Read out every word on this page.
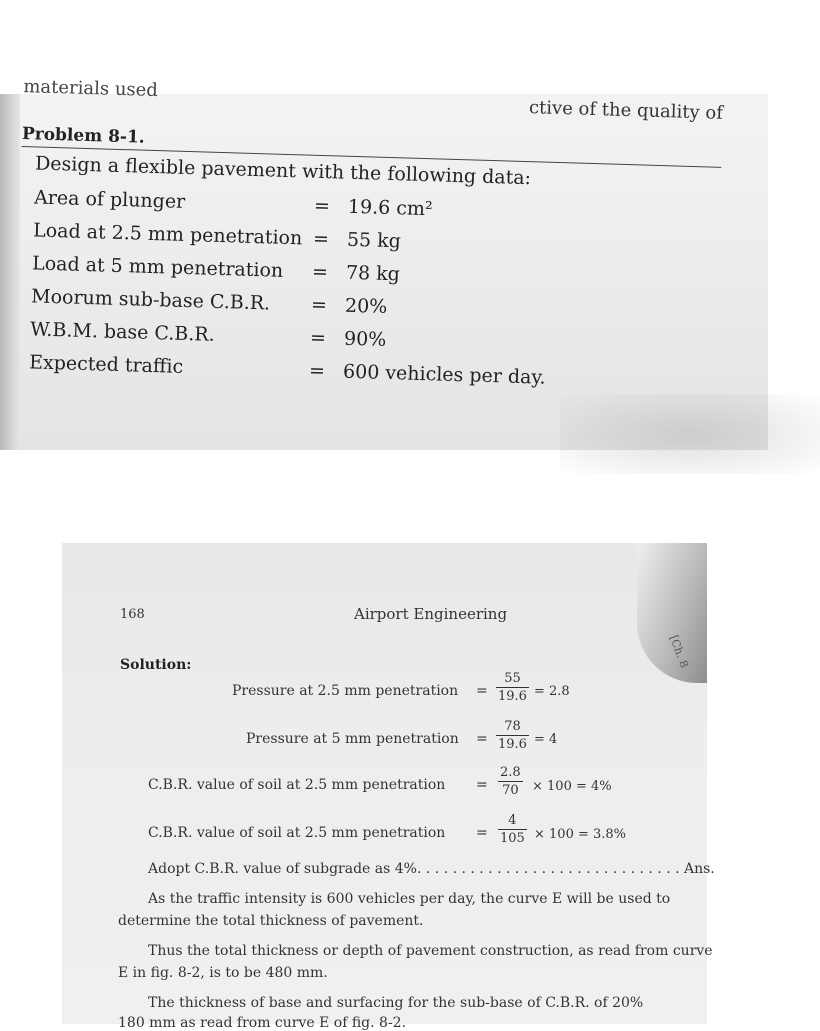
materials used
ctive of the quality of
Problem 8-1.
Design a flexible pavement with the following data:
Area of plunger	= 19.6 cm²
Load at 2.5 mm penetration = 55 kg
Load at 5 mm penetration = 78 kg
Moorum sub-base C.B.R. = 20%
W.B.M. base C.B.R.	= 90%
Expected traffic	= 600 vehicles per day.
168	Airport Engineering
[Ch. 8
Solution:
Pressure at 2.5 mm penetration =
55
19.6 = 2.8
Pressure at 5 mm penetration =
78
19.6 = 4
C.B.R. value of soil at 2.5 mm penetration =
2.8
70 × 100 = 4%
C.B.R. value of soil at 2.5 mm penetration =
4
105 × 100 = 3.8%
Adopt C.B.R. value of subgrade as 4%. . . . . . . . . . . . . . . . . . . . . . . . . . . . . . Ans.
As the traffic intensity is 600 vehicles per day, the curve E will be used to
determine the total thickness of pavement.
Thus the total thickness or depth of pavement construction, as read from curve
E in fig. 8-2, is to be 480 mm.
The thickness of base and surfacing for the sub-base of C.B.R. of 20%
180 mm as read from curve E of fig. 8-2.
